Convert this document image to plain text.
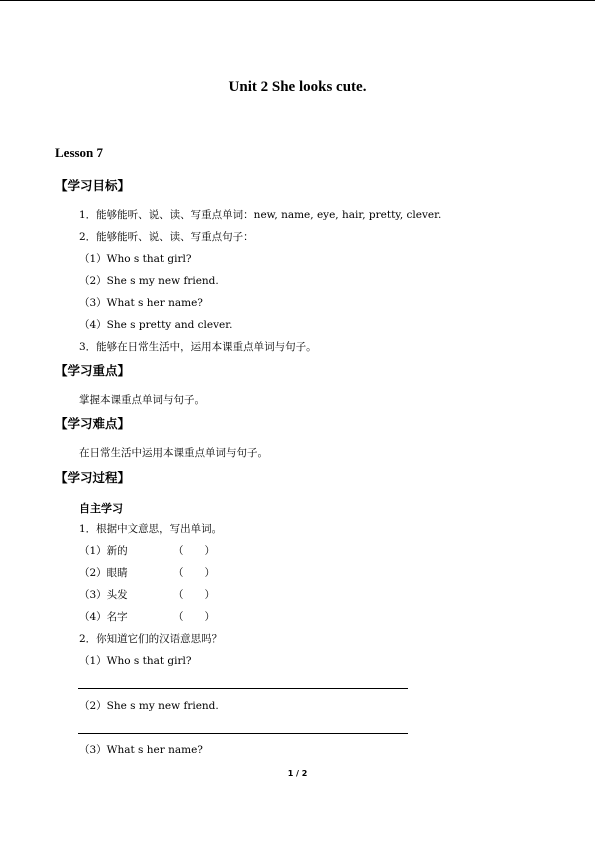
Unit 2 She looks cute.
Lesson 7
【学习目标】
1．能够能听、说、读、写重点单词：new, name, eye, hair, pretty, clever.
2．能够能听、说、读、写重点句子：
（1）Who s that girl?
（2）She s my new friend.
（3）What s her name?
（4）She s pretty and clever.
3．能够在日常生活中，运用本课重点单词与句子。
【学习重点】
掌握本课重点单词与句子。
【学习难点】
在日常生活中运用本课重点单词与句子。
【学习过程】
自主学习
1．根据中文意思，写出单词。
（1）新的	（　　）
（2）眼睛	（　　）
（3）头发	（　　）
（4）名字	（　　）
2．你知道它们的汉语意思吗？
（1）Who s that girl?
（2）She s my new friend.
（3）What s her name?
1 / 2
